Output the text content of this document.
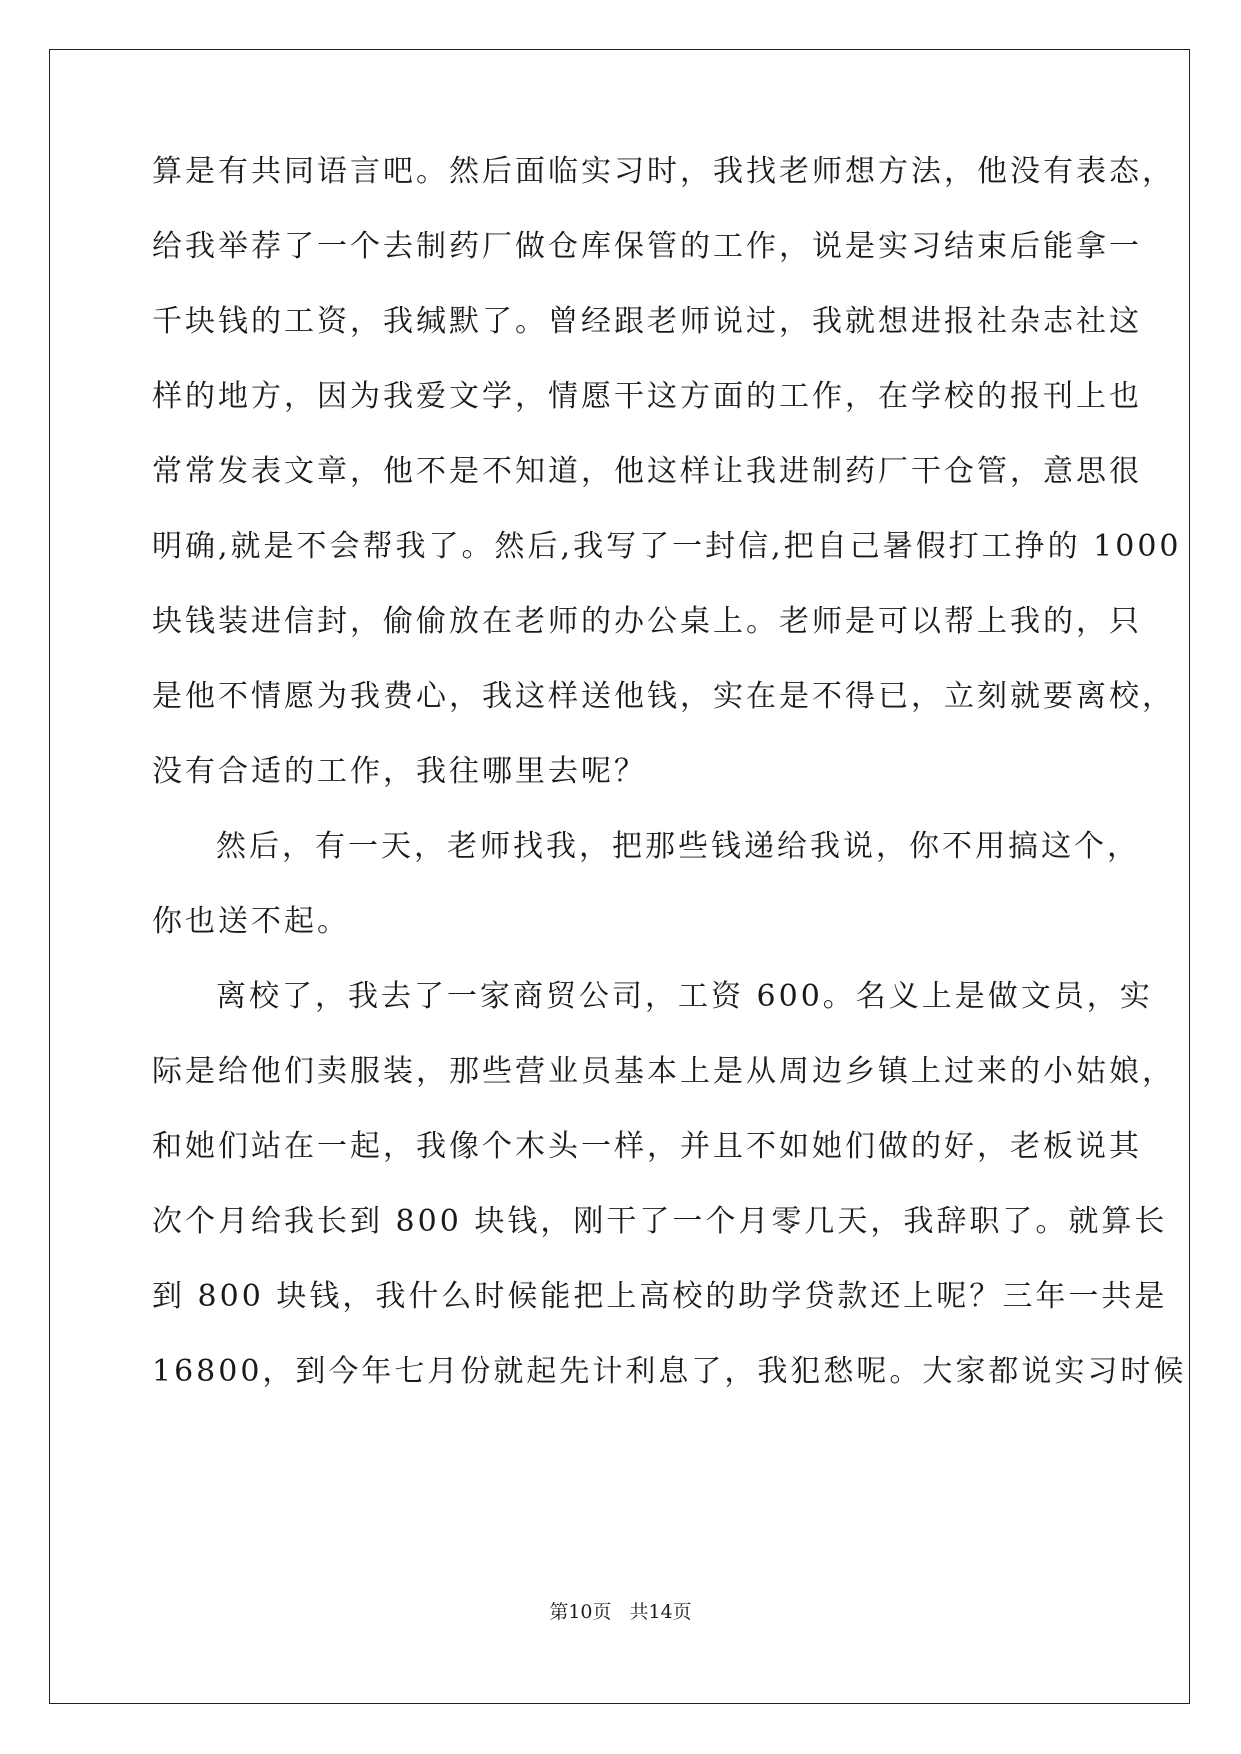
算是有共同语言吧。然后面临实习时，我找老师想方法，他没有表态，
给我举荐了一个去制药厂做仓库保管的工作，说是实习结束后能拿一
千块钱的工资，我缄默了。曾经跟老师说过，我就想进报社杂志社这
样的地方，因为我爱文学，情愿干这方面的工作，在学校的报刊上也
常常发表文章，他不是不知道，他这样让我进制药厂干仓管，意思很
明确,就是不会帮我了。然后,我写了一封信,把自己暑假打工挣的 1000
块钱装进信封，偷偷放在老师的办公桌上。老师是可以帮上我的，只
是他不情愿为我费心，我这样送他钱，实在是不得已，立刻就要离校，
没有合适的工作，我往哪里去呢？
然后，有一天，老师找我，把那些钱递给我说，你不用搞这个，
你也送不起。
离校了，我去了一家商贸公司，工资 600。名义上是做文员，实
际是给他们卖服装，那些营业员基本上是从周边乡镇上过来的小姑娘，
和她们站在一起，我像个木头一样，并且不如她们做的好，老板说其
次个月给我长到 800 块钱，刚干了一个月零几天，我辞职了。就算长
到 800 块钱，我什么时候能把上高校的助学贷款还上呢？三年一共是
16800，到今年七月份就起先计利息了，我犯愁呢。大家都说实习时候
第10页 共14页
